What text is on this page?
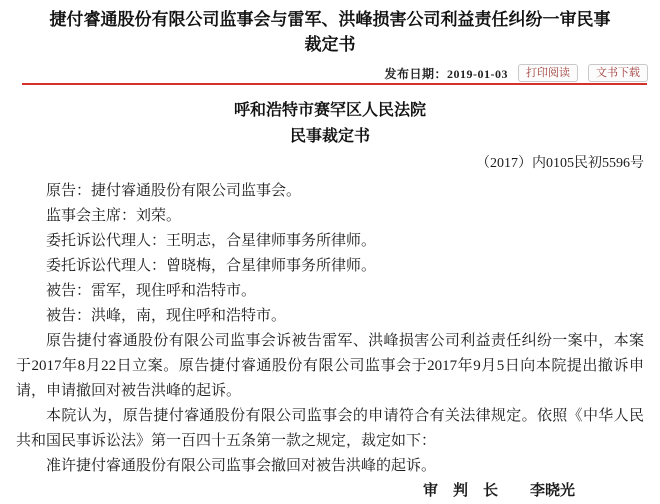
捷付睿通股份有限公司监事会与雷军、洪峰损害公司利益责任纠纷一审民事裁定书
发布日期：2019-01-03	打印阅读	文书下载
呼和浩特市赛罕区人民法院
民事裁定书
（2017）内0105民初5596号

原告：捷付睿通股份有限公司监事会。

监事会主席：刘荣。

委托诉讼代理人：王明志，合星律师事务所律师。

委托诉讼代理人：曾晓梅，合星律师事务所律师。

被告：雷军，现住呼和浩特市。

被告：洪峰，南，现住呼和浩特市。

原告捷付睿通股份有限公司监事会诉被告雷军、洪峰损害公司利益责任纠纷一案中，本案于2017年8月22日立案。原告捷付睿通股份有限公司监事会于2017年9月5日向本院提出撤诉申请，申请撤回对被告洪峰的起诉。

本院认为，原告捷付睿通股份有限公司监事会的申请符合有关法律规定。依照《中华人民共和国民事诉讼法》第一百四十五条第一款之规定，裁定如下：

准许捷付睿通股份有限公司监事会撤回对被告洪峰的起诉。

审　判　长 李晓光
